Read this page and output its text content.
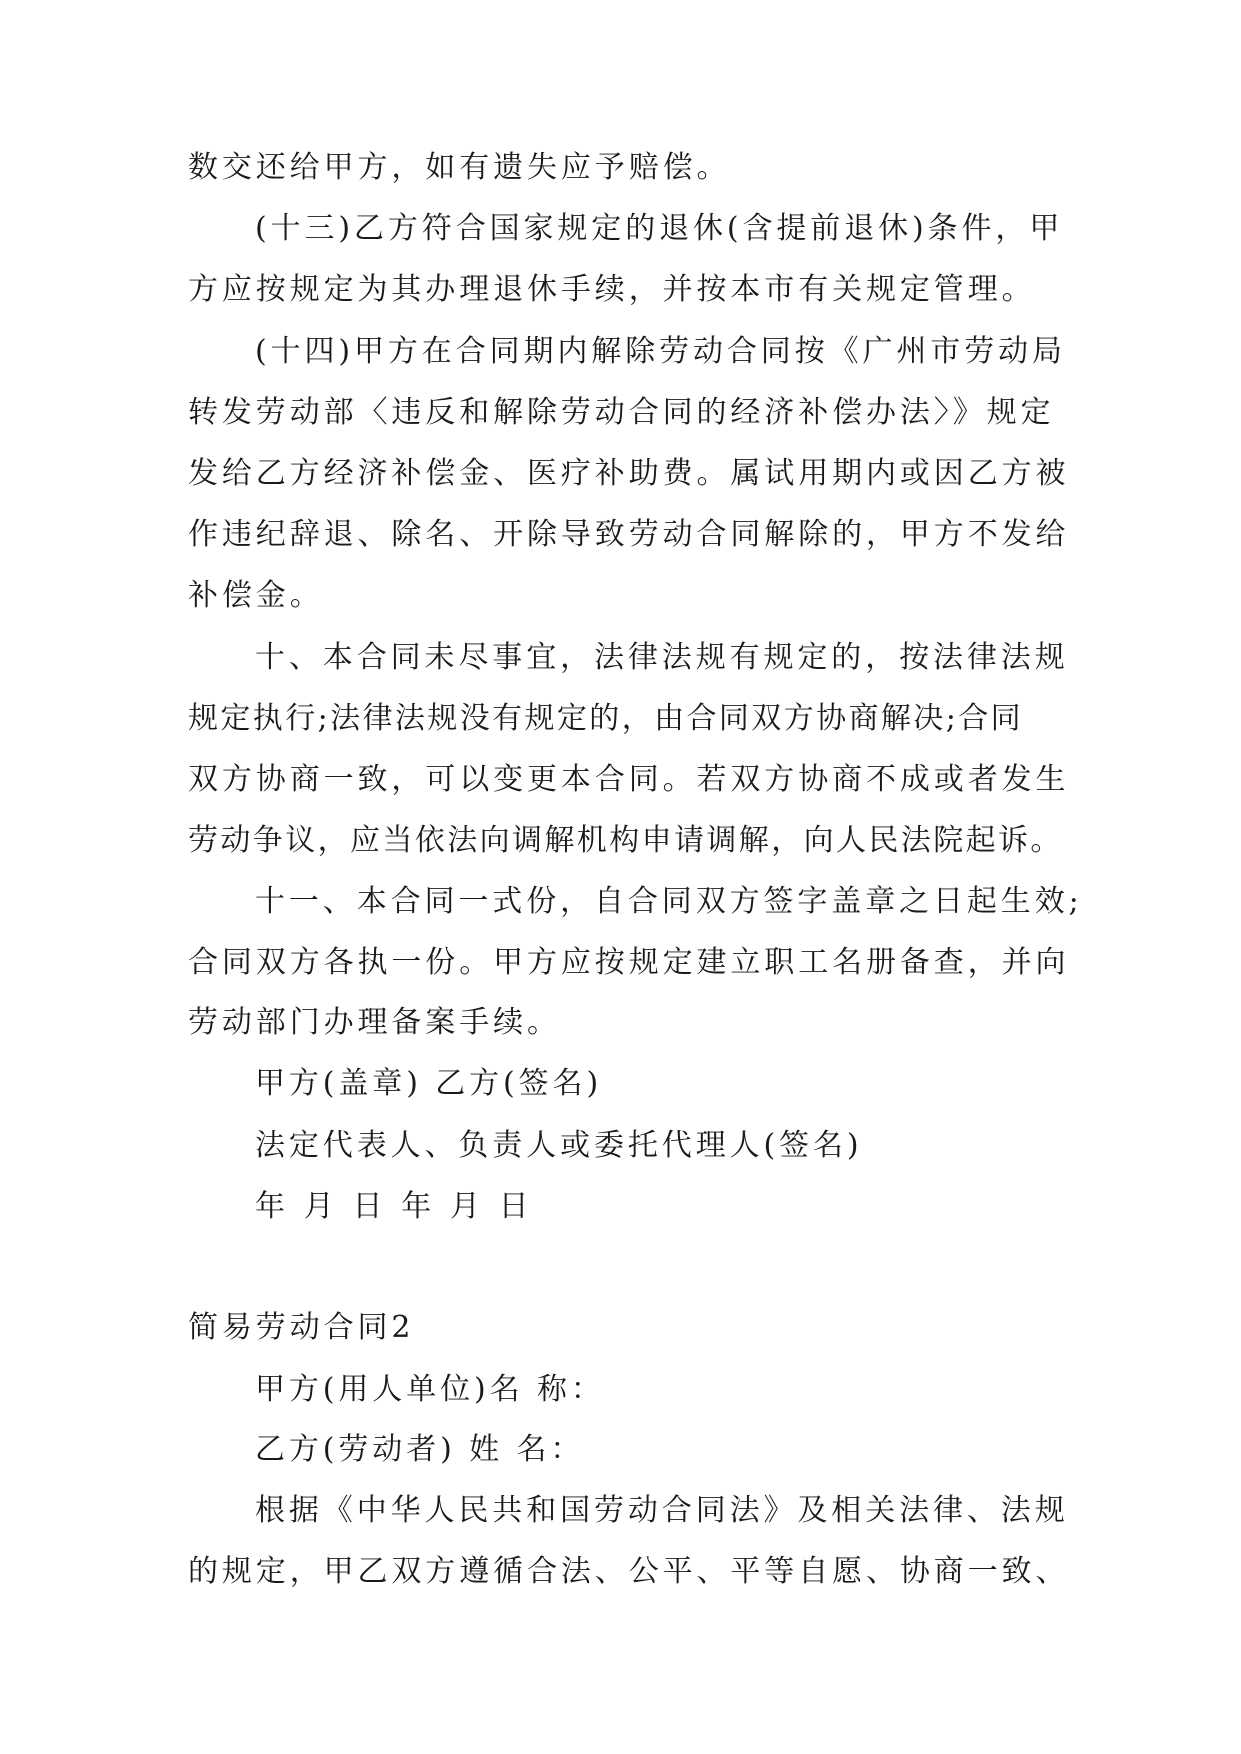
数交还给甲方，如有遗失应予赔偿。
(十三)乙方符合国家规定的退休(含提前退休)条件，甲
方应按规定为其办理退休手续，并按本市有关规定管理。
(十四)甲方在合同期内解除劳动合同按《广州市劳动局
转发劳动部〈违反和解除劳动合同的经济补偿办法〉》规定
发给乙方经济补偿金、医疗补助费。属试用期内或因乙方被
作违纪辞退、除名、开除导致劳动合同解除的，甲方不发给
补偿金。
十、本合同未尽事宜，法律法规有规定的，按法律法规
规定执行;法律法规没有规定的，由合同双方协商解决;合同
双方协商一致，可以变更本合同。若双方协商不成或者发生
劳动争议，应当依法向调解机构申请调解，向人民法院起诉。
十一、本合同一式份，自合同双方签字盖章之日起生效;
合同双方各执一份。甲方应按规定建立职工名册备查，并向
劳动部门办理备案手续。
甲方(盖章) 乙方(签名)
法定代表人、负责人或委托代理人(签名)
年 月 日 年 月 日
简易劳动合同2
甲方(用人单位)名 称：
乙方(劳动者) 姓 名：
根据《中华人民共和国劳动合同法》及相关法律、法规
的规定，甲乙双方遵循合法、公平、平等自愿、协商一致、
